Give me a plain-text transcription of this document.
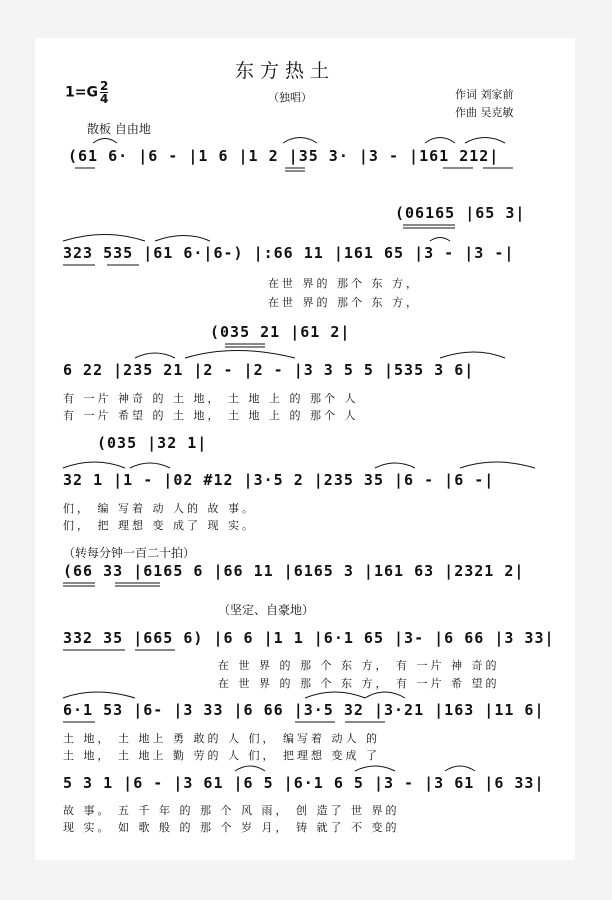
东方热土
（独唱）
$1=G \frac{2}{4}$	作词 刘家前
作曲 吴克敏
散板 自由地
(61 6· |6 - |1 6 |1 2 |35 3· |3 - |161 212|
(06165 |65 3|
323 535 |61 6·|6-) |:66 11 |161 65 |3 - |3 -|
在世 界的 那个 东 方，
在世 界的 那个 东 方，
(035 21 |61 2|
6 22 |235 21 |2 - |2 - |3 3 5 5 |535 3 6|
有 一片 神奇 的 土 地， 土 地 上 的 那个 人
有 一片 希望 的 土 地， 土 地 上 的 那个 人
(035 |32 1|
32 1 |1 - |02 #12 |3·5 2 |235 35 |6 - |6 -|
们， 编 写着 动 人的 故 事。
们， 把 理想 变 成了 现 实。
（转每分钟一百二十拍）
(66 33 |6165 6 |66 11 |6165 3 |161 63 |2321 2|
（坚定、自豪地）
332 35 |665 6) |6 6 |1 1 |6·1 65 |3- |6 66 |3 33|
在 世 界 的 那 个 东 方， 有 一片 神 奇的
在 世 界 的 那 个 东 方， 有 一片 希 望的
6·1 53 |6- |3 33 |6 66 |3·5 32 |3·21 |163 |11 6|
土 地， 土 地上 勇 敢的 人 们， 编写着 动人 的
土 地， 土 地上 勤 劳的 人 们， 把理想 变成 了
5 3 1 |6 - |3 61 |6 5 |6·1 6 5 |3 - |3 61 |6 33|
故 事。 五 千 年 的 那 个 风 雨， 创 造了 世 界的
现 实。 如 歌 般 的 那 个 岁 月， 铸 就了 不 变的
